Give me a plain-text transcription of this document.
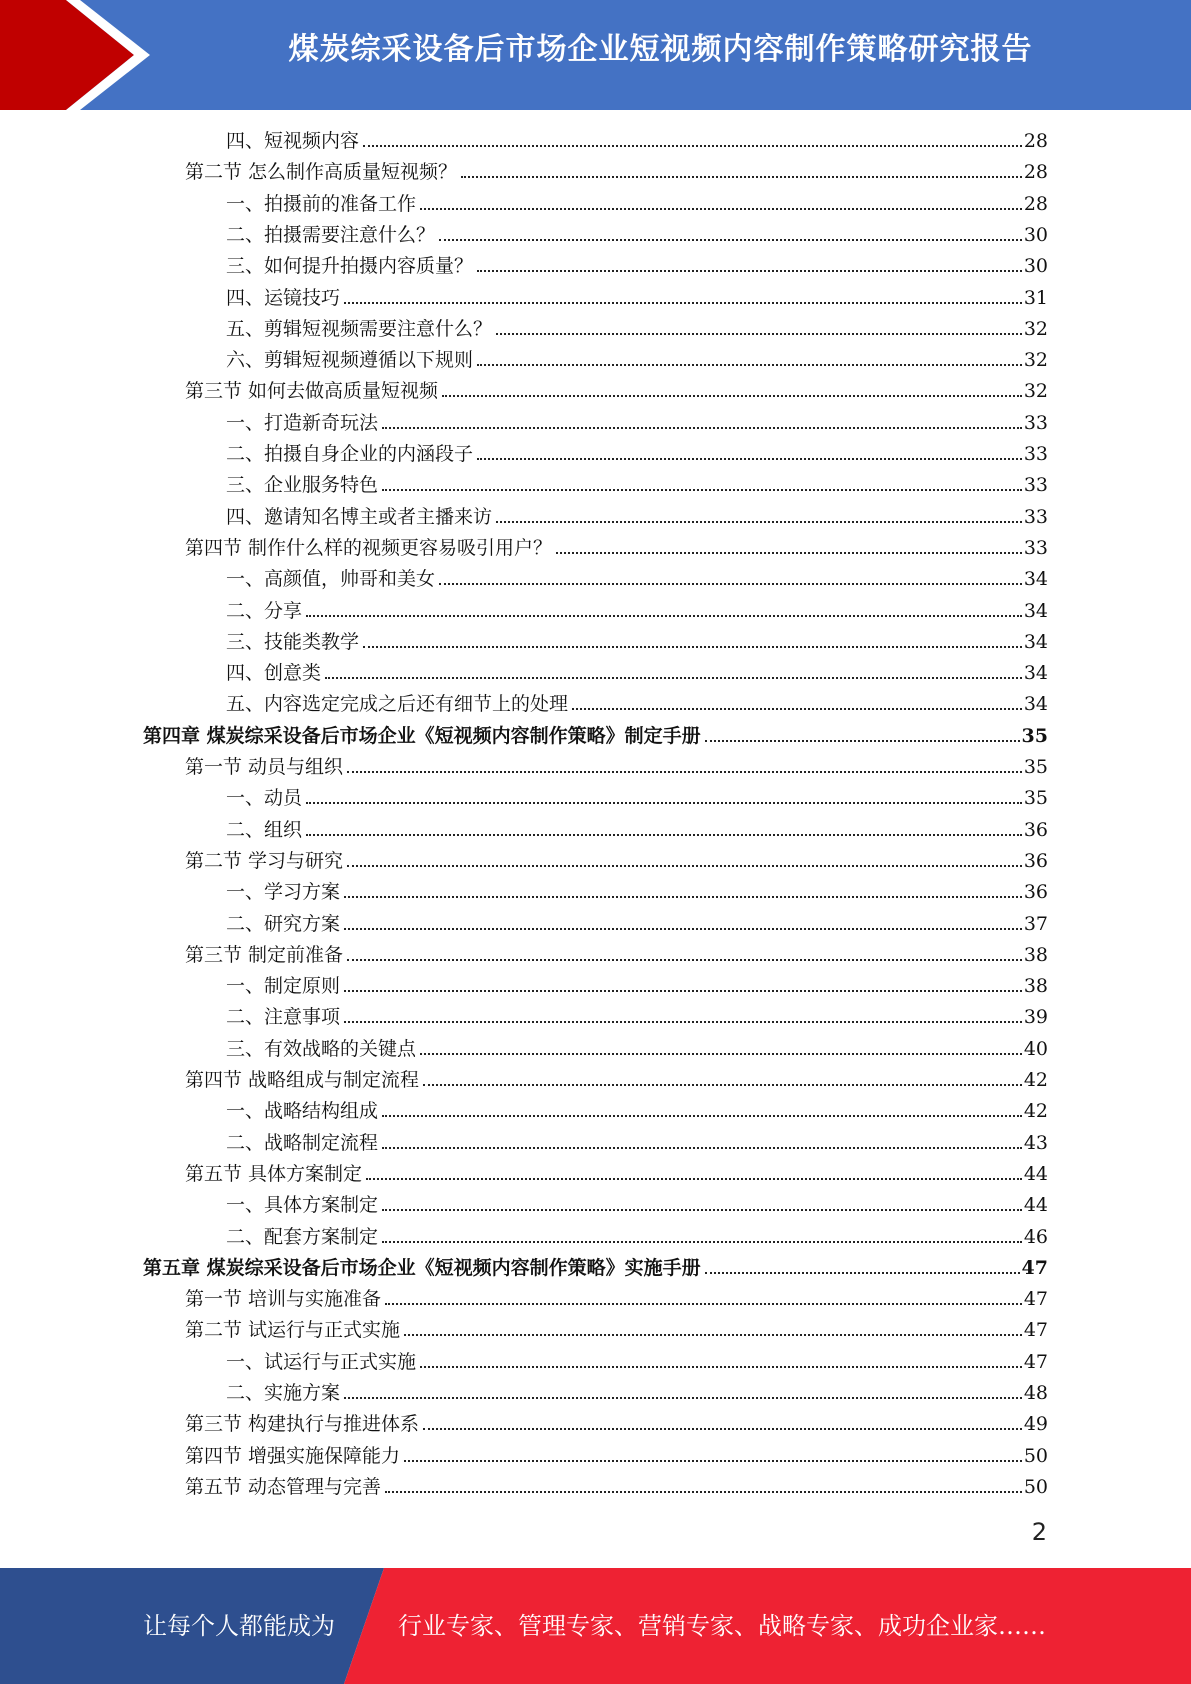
煤炭综采设备后市场企业短视频内容制作策略研究报告
四、短视频内容	28
第二节 怎么制作高质量短视频？	28
一、拍摄前的准备工作	28
二、拍摄需要注意什么？	30
三、如何提升拍摄内容质量？	30
四、运镜技巧	31
五、剪辑短视频需要注意什么？	32
六、剪辑短视频遵循以下规则	32
第三节 如何去做高质量短视频	32
一、打造新奇玩法	33
二、拍摄自身企业的内涵段子	33
三、企业服务特色	33
四、邀请知名博主或者主播来访	33
第四节 制作什么样的视频更容易吸引用户？	33
一、高颜值，帅哥和美女	34
二、分享	34
三、技能类教学	34
四、创意类	34
五、内容选定完成之后还有细节上的处理	34
第四章 煤炭综采设备后市场企业《短视频内容制作策略》制定手册	35
第一节 动员与组织	35
一、动员	35
二、组织	36
第二节 学习与研究	36
一、学习方案	36
二、研究方案	37
第三节 制定前准备	38
一、制定原则	38
二、注意事项	39
三、有效战略的关键点	40
第四节 战略组成与制定流程	42
一、战略结构组成	42
二、战略制定流程	43
第五节 具体方案制定	44
一、具体方案制定	44
二、配套方案制定	46
第五章 煤炭综采设备后市场企业《短视频内容制作策略》实施手册	47
第一节 培训与实施准备	47
第二节 试运行与正式实施	47
一、试运行与正式实施	47
二、实施方案	48
第三节 构建执行与推进体系	49
第四节 增强实施保障能力	50
第五节 动态管理与完善	50
2
让每个人都能成为	行业专家、管理专家、营销专家、战略专家、成功企业家……
